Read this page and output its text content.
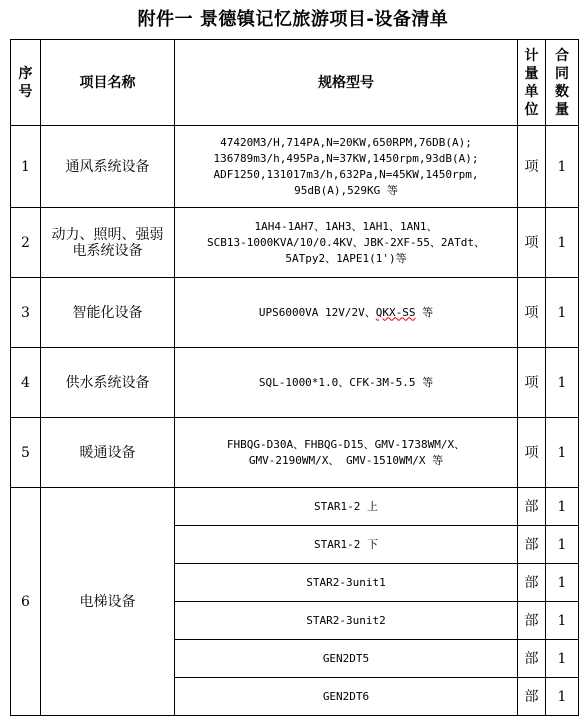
附件一 景德镇记忆旅游项目-设备清单
序号	项目名称	规格型号	计量单位	合同数量
1	通风系统设备	47420M3/H,714PA,N=20KW,650RPM,76DB(A);
136789m3/h,495Pa,N=37KW,1450rpm,93dB(A);
ADF1250,131017m3/h,632Pa,N=45KW,1450rpm,
95dB(A),529KG 等	项	1
2	动力、照明、强弱电系统设备	1AH4-1AH7、1AH3、1AH1、1AN1、
SCB13-1000KVA/10/0.4KV、JBK-2XF-55、2ATdt、
5ATpy2、1APE1(1')等	项	1
3	智能化设备	UPS6000VA 12V/2V、QKX-SS 等	项	1
4	供水系统设备	SQL-1000*1.0、CFK-3M-5.5 等	项	1
5	暖通设备	FHBQG-D30A、FHBQG-D15、GMV-1738WM/X、
GMV-2190WM/X、 GMV-1510WM/X 等	项	1
6	电梯设备	STAR1-2 上	部	1
		STAR1-2 下	部	1
		STAR2-3unit1	部	1
		STAR2-3unit2	部	1
		GEN2DT5	部	1
		GEN2DT6	部	1
